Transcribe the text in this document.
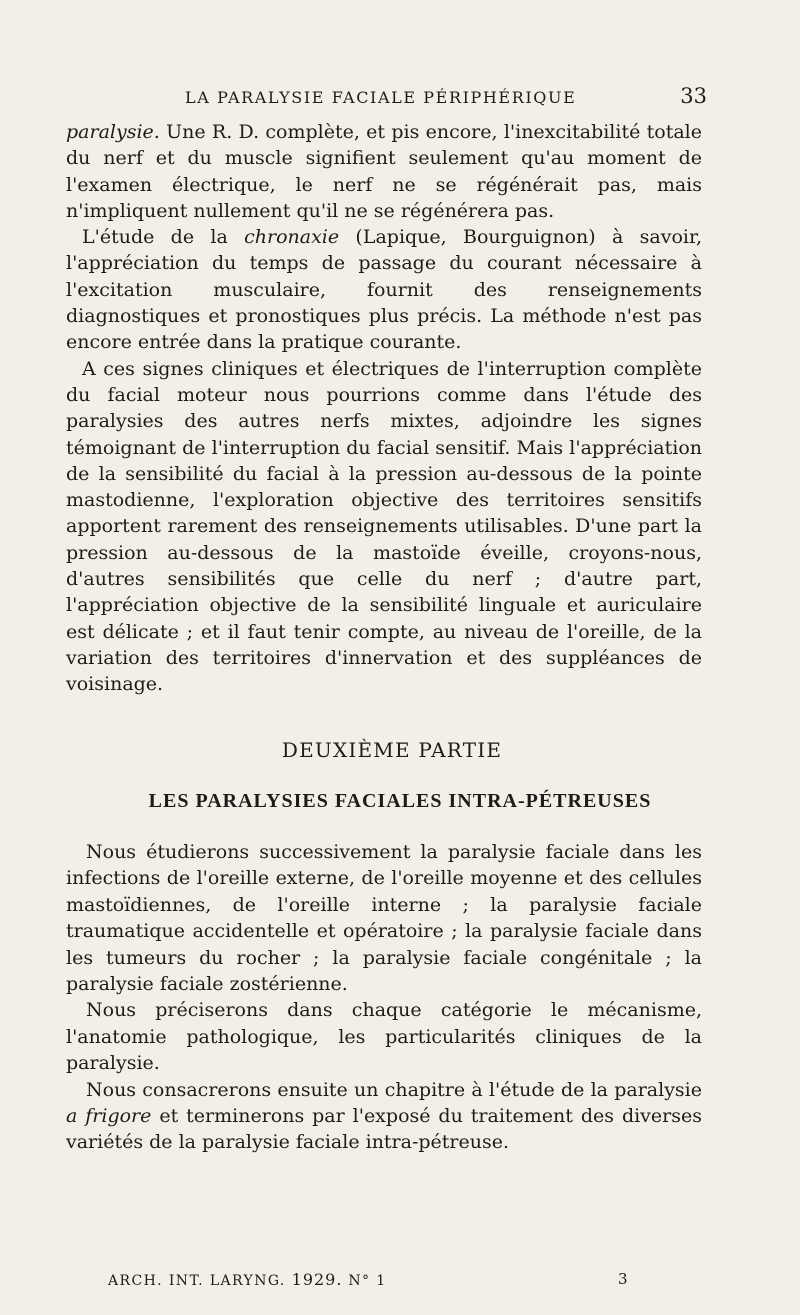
LA PARALYSIE FACIALE PÉRIPHÉRIQUE	33

paralysie. Une R. D. complète, et pis encore, l'inexcitabilité totale du nerf et du muscle signifient seulement qu'au moment de l'examen électrique, le nerf ne se régénérait pas, mais n'impliquent nullement qu'il ne se régénérera pas.

L'étude de la chronaxie (Lapique, Bourguignon) à savoir, l'appréciation du temps de passage du courant nécessaire à l'excitation musculaire, fournit des renseignements diagnostiques et pronostiques plus précis. La méthode n'est pas encore entrée dans la pratique courante.

A ces signes cliniques et électriques de l'interruption complète du facial moteur nous pourrions comme dans l'étude des paralysies des autres nerfs mixtes, adjoindre les signes témoignant de l'interruption du facial sensitif. Mais l'appréciation de la sensibilité du facial à la pression au-dessous de la pointe mastodienne, l'exploration objective des territoires sensitifs apportent rarement des renseignements utilisables. D'une part la pression au-dessous de la mastoïde éveille, croyons-nous, d'autres sensibilités que celle du nerf ; d'autre part, l'appréciation objective de la sensibilité linguale et auriculaire est délicate ; et il faut tenir compte, au niveau de l'oreille, de la variation des territoires d'innervation et des suppléances de voisinage.

DEUXIÈME PARTIE
LES PARALYSIES FACIALES INTRA-PÉTREUSES

Nous étudierons successivement la paralysie faciale dans les infections de l'oreille externe, de l'oreille moyenne et des cellules mastoïdiennes, de l'oreille interne ; la paralysie faciale traumatique accidentelle et opératoire ; la paralysie faciale dans les tumeurs du rocher ; la paralysie faciale congénitale ; la paralysie faciale zostérienne.

Nous préciserons dans chaque catégorie le mécanisme, l'anatomie pathologique, les particularités cliniques de la paralysie.

Nous consacrerons ensuite un chapitre à l'étude de la paralysie a frigore et terminerons par l'exposé du traitement des diverses variétés de la paralysie faciale intra-pétreuse.

ARCH. INT. LARYNG. 1929. N° 1	3
